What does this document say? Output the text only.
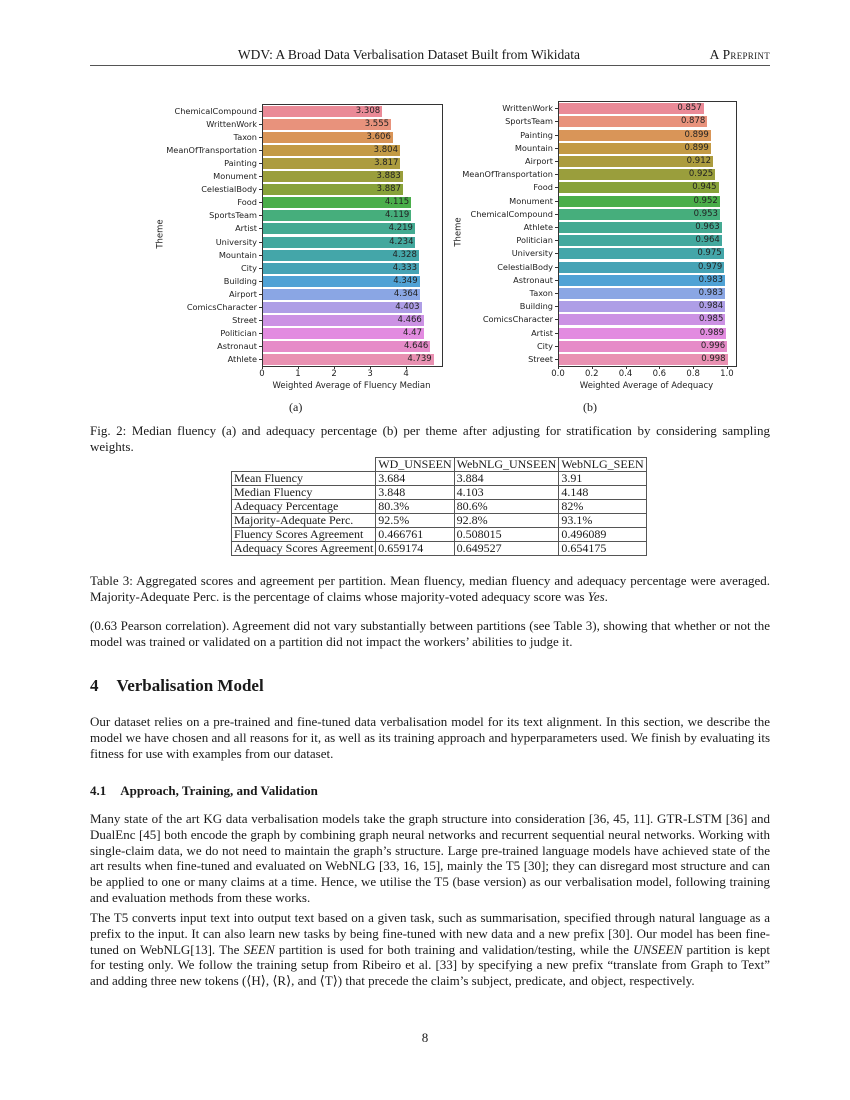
WDV: A Broad Data Verbalisation Dataset Built from Wikidata	A Preprint
3.308
3.555
3.606
3.804
3.817
3.883
3.887
4.115
4.119
4.219
4.234
4.328
4.333
4.349
4.364
4.403
4.466
4.47
4.646
4.739
ChemicalCompound
WrittenWork
Taxon
MeanOfTransportation
Painting
Monument
CelestialBody
Food
SportsTeam
Artist
University
Mountain
City
Building
Airport
ComicsCharacter
Street
Politician
Astronaut
Athlete
0	1	2	3	4
Weighted Average of Fluency Median
Theme
(a)
0.857
0.878
0.899
0.899
0.912
0.925
0.945
0.952
0.953
0.963
0.964
0.975
0.979
0.983
0.983
0.984
0.985
0.989
0.996
0.998
WrittenWork
SportsTeam
Painting
Mountain
Airport
MeanOfTransportation
Food
Monument
ChemicalCompound
Athlete
Politician
University
CelestialBody
Astronaut
Taxon
Building
ComicsCharacter
Artist
City
Street
0.0	0.2	0.4	0.6	0.8	1.0
Weighted Average of Adequacy
Theme
(b)
Fig. 2: Median fluency (a) and adequacy percentage (b) per theme after adjusting for stratification by considering sampling weights.
	WD_UNSEEN	WebNLG_UNSEEN	WebNLG_SEEN
Mean Fluency	3.684	3.884	3.91
Median Fluency	3.848	4.103	4.148
Adequacy Percentage	80.3%	80.6%	82%
Majority-Adequate Perc.	92.5%	92.8%	93.1%
Fluency Scores Agreement	0.466761	0.508015	0.496089
Adequacy Scores Agreement	0.659174	0.649527	0.654175
Table 3: Aggregated scores and agreement per partition. Mean fluency, median fluency and adequacy percentage were averaged. Majority-Adequate Perc. is the percentage of claims whose majority-voted adequacy score was Yes.
(0.63 Pearson correlation). Agreement did not vary substantially between partitions (see Table 3), showing that whether or not the model was trained or validated on a partition did not impact the workers’ abilities to judge it.
4 Verbalisation Model
Our dataset relies on a pre-trained and fine-tuned data verbalisation model for its text alignment. In this section, we describe the model we have chosen and all reasons for it, as well as its training approach and hyperparameters used. We finish by evaluating its fitness for use with examples from our dataset.
4.1 Approach, Training, and Validation
Many state of the art KG data verbalisation models take the graph structure into consideration [36, 45, 11]. GTR-LSTM [36] and DualEnc [45] both encode the graph by combining graph neural networks and recurrent sequential neural networks. Working with single-claim data, we do not need to maintain the graph’s structure. Large pre-trained language models have achieved state of the art results when fine-tuned and evaluated on WebNLG [33, 16, 15], mainly the T5 [30]; they can disregard most structure and can be applied to one or many claims at a time. Hence, we utilise the T5 (base version) as our verbalisation model, following training and evaluation methods from these works.
The T5 converts input text into output text based on a given task, such as summarisation, specified through natural language as a prefix to the input. It can also learn new tasks by being fine-tuned with new data and a new prefix [30]. Our model has been fine-tuned on WebNLG[13]. The SEEN partition is used for both training and validation/testing, while the UNSEEN partition is kept for testing only. We follow the training setup from Ribeiro et al. [33] by specifying a new prefix “translate from Graph to Text” and adding three new tokens (⟨H⟩, ⟨R⟩, and ⟨T⟩) that precede the claim’s subject, predicate, and object, respectively.
8
